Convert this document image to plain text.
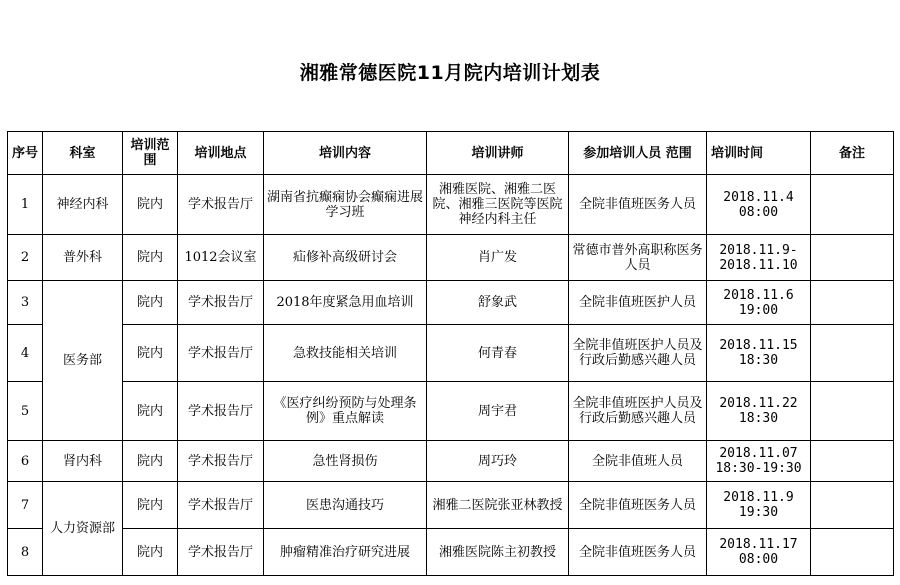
湘雅常德医院11月院内培训计划表
序号	科室	培训范围	培训地点	培训内容	培训讲师	参加培训人员 范围	培训时间	备注
1	神经内科	院内	学术报告厅	湖南省抗癫痫协会癫痫进展学习班	湘雅医院、湘雅二医院、湘雅三医院等医院神经内科主任	全院非值班医务人员	2018.11.4
08:00	
2	普外科	院内	1012会议室	疝修补高级研讨会	肖广发	常德市普外高职称医务人员	2018.11.9-
2018.11.10	
3	医务部	院内	学术报告厅	2018年度紧急用血培训	舒象武	全院非值班医护人员	2018.11.6
19:00	
4		院内	学术报告厅	急救技能相关培训	何青春	全院非值班医护人员及行政后勤感兴趣人员	2018.11.15
18:30	
5		院内	学术报告厅	《医疗纠纷预防与处理条例》重点解读	周宇君	全院非值班医护人员及行政后勤感兴趣人员	2018.11.22
18:30	
6	肾内科	院内	学术报告厅	急性肾损伤	周巧玲	全院非值班人员	2018.11.07
18:30-19:30	
7	人力资源部	院内	学术报告厅	医患沟通技巧	湘雅二医院张亚林教授	全院非值班医务人员	2018.11.9
19:30	
8		院内	学术报告厅	肿瘤精准治疗研究进展	湘雅医院陈主初教授	全院非值班医务人员	2018.11.17
08:00	
